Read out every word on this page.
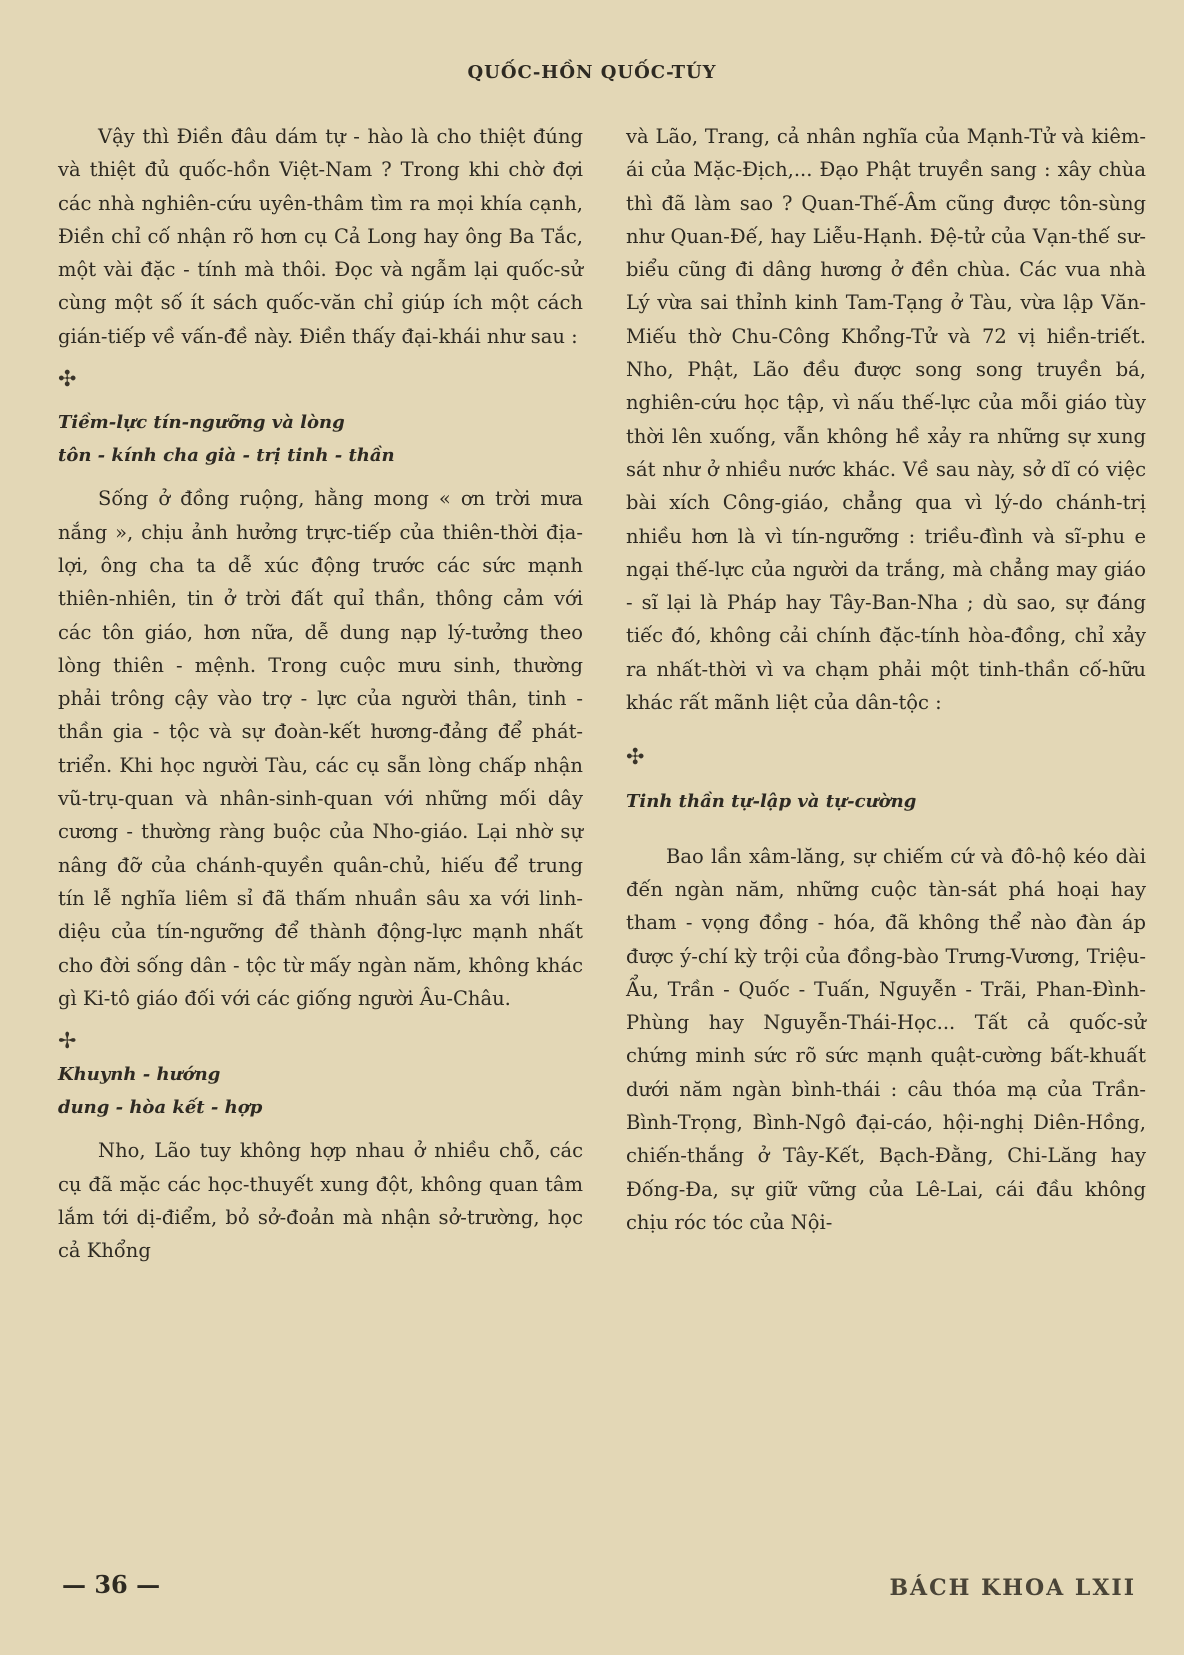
QUỐC-HỒN QUỐC-TÚY

Vậy thì Điền đâu dám tự - hào là cho thiệt đúng và thiệt đủ quốc-hồn Việt-Nam ? Trong khi chờ đợi các nhà nghiên-cứu uyên-thâm tìm ra mọi khía cạnh, Điền chỉ cố nhận rõ hơn cụ Cả Long hay ông Ba Tắc, một vài đặc - tính mà thôi. Đọc và ngẫm lại quốc-sử cùng một số ít sách quốc-văn chỉ giúp ích một cách gián-tiếp về vấn-đề này. Điền thấy đại-khái như sau :

✣

Tiềm-lực tín-ngưỡng và lòng

tôn - kính cha già - trị tinh - thần

Sống ở đồng ruộng, hằng mong « ơn trời mưa nắng », chịu ảnh hưởng trực-tiếp của thiên-thời địa-lợi, ông cha ta dễ xúc động trước các sức mạnh thiên-nhiên, tin ở trời đất quỉ thần, thông cảm với các tôn giáo, hơn nữa, dễ dung nạp lý-tưởng theo lòng thiên - mệnh. Trong cuộc mưu sinh, thường phải trông cậy vào trợ - lực của người thân, tinh - thần gia - tộc và sự đoàn-kết hương-đảng để phát-triển. Khi học người Tàu, các cụ sẵn lòng chấp nhận vũ-trụ-quan và nhân-sinh-quan với những mối dây cương - thường ràng buộc của Nho-giáo. Lại nhờ sự nâng đỡ của chánh-quyền quân-chủ, hiếu để trung tín lễ nghĩa liêm sỉ đã thấm nhuần sâu xa với linh-diệu của tín-ngưỡng để thành động-lực mạnh nhất cho đời sống dân - tộc từ mấy ngàn năm, không khác gì Ki-tô giáo đối với các giống người Âu-Châu.

✢

Khuynh - hướng

dung - hòa kết - hợp

Nho, Lão tuy không hợp nhau ở nhiều chỗ, các cụ đã mặc các học-thuyết xung đột, không quan tâm lắm tới dị-điểm, bỏ sở-đoản mà nhận sở-trường, học cả Khổng

và Lão, Trang, cả nhân nghĩa của Mạnh-Tử và kiêm-ái của Mặc-Địch,... Đạo Phật truyền sang : xây chùa thì đã làm sao ? Quan-Thế-Âm cũng được tôn-sùng như Quan-Đế, hay Liễu-Hạnh. Đệ-tử của Vạn-thế sư-biểu cũng đi dâng hương ở đền chùa. Các vua nhà Lý vừa sai thỉnh kinh Tam-Tạng ở Tàu, vừa lập Văn-Miếu thờ Chu-Công Khổng-Tử và 72 vị hiền-triết. Nho, Phật, Lão đều được song song truyền bá, nghiên-cứu học tập, vì nấu thế-lực của mỗi giáo tùy thời lên xuống, vẫn không hề xảy ra những sự xung sát như ở nhiều nước khác. Về sau này, sở dĩ có việc bài xích Công-giáo, chẳng qua vì lý-do chánh-trị nhiều hơn là vì tín-ngưỡng : triều-đình và sĩ-phu e ngại thế-lực của người da trắng, mà chẳng may giáo - sĩ lại là Pháp hay Tây-Ban-Nha ; dù sao, sự đáng tiếc đó, không cải chính đặc-tính hòa-đồng, chỉ xảy ra nhất-thời vì va chạm phải một tinh-thần cố-hữu khác rất mãnh liệt của dân-tộc :

✣

Tinh thần tự-lập và tự-cường

Bao lần xâm-lăng, sự chiếm cứ và đô-hộ kéo dài đến ngàn năm, những cuộc tàn-sát phá hoại hay tham - vọng đồng - hóa, đã không thể nào đàn áp được ý-chí kỳ trội của đồng-bào Trưng-Vương, Triệu-Ẩu, Trần - Quốc - Tuấn, Nguyễn - Trãi, Phan-Đình-Phùng hay Nguyễn-Thái-Học... Tất cả quốc-sử chứng minh sức rõ sức mạnh quật-cường bất-khuất dưới năm ngàn bình-thái : câu thóa mạ của Trần-Bình-Trọng, Bình-Ngô đại-cáo, hội-nghị Diên-Hồng, chiến-thắng ở Tây-Kết, Bạch-Đằng, Chi-Lăng hay Đống-Đa, sự giữ vững của Lê-Lai, cái đầu không chịu róc tóc của Nội-

— 36 —	BÁCH KHOA LXII
